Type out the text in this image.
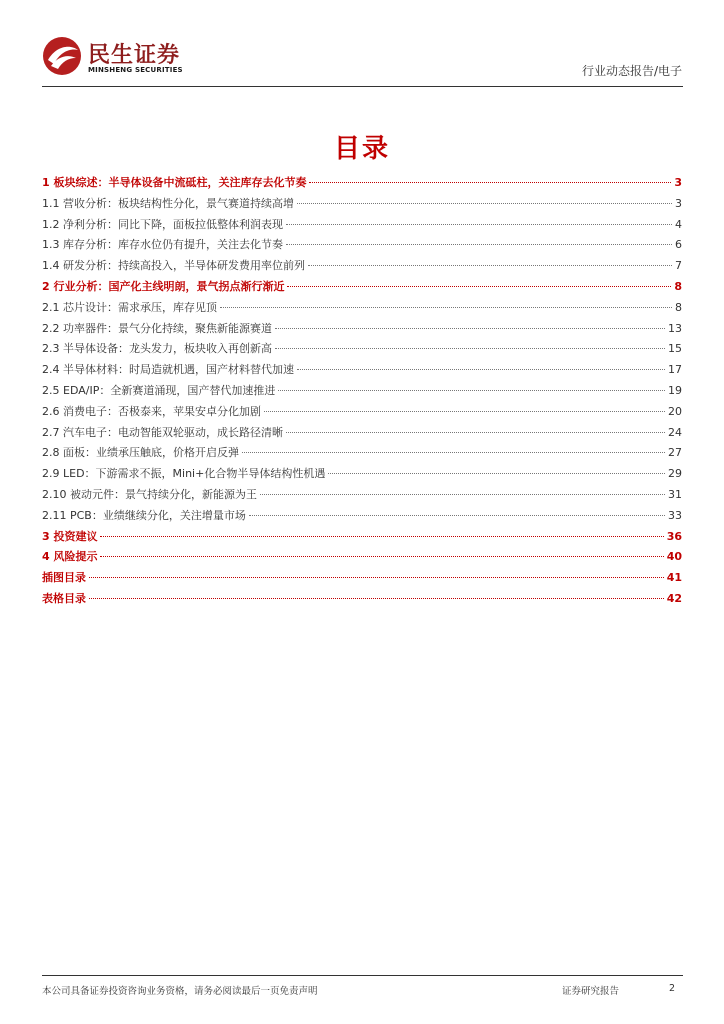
民生证券
MINSHENG SECURITIES	行业动态报告/电子
目录
1 板块综述：半导体设备中流砥柱，关注库存去化节奏	3
1.1 营收分析：板块结构性分化，景气赛道持续高增	3
1.2 净利分析：同比下降，面板拉低整体利润表现	4
1.3 库存分析：库存水位仍有提升，关注去化节奏	6
1.4 研发分析：持续高投入，半导体研发费用率位前列	7
2 行业分析：国产化主线明朗，景气拐点渐行渐近	8
2.1 芯片设计：需求承压，库存见顶	8
2.2 功率器件：景气分化持续，聚焦新能源赛道	13
2.3 半导体设备：龙头发力，板块收入再创新高	15
2.4 半导体材料：时局造就机遇，国产材料替代加速	17
2.5 EDA/IP：全新赛道涌现，国产替代加速推进	19
2.6 消费电子：否极泰来，苹果安卓分化加剧	20
2.7 汽车电子：电动智能双轮驱动，成长路径清晰	24
2.8 面板：业绩承压触底，价格开启反弹	27
2.9 LED：下游需求不振，Mini+化合物半导体结构性机遇	29
2.10 被动元件：景气持续分化，新能源为王	31
2.11 PCB：业绩继续分化，关注增量市场	33
3 投资建议	36
4 风险提示	40
插图目录	41
表格目录	42
本公司具备证券投资咨询业务资格，请务必阅读最后一页免责声明	证券研究报告	2
